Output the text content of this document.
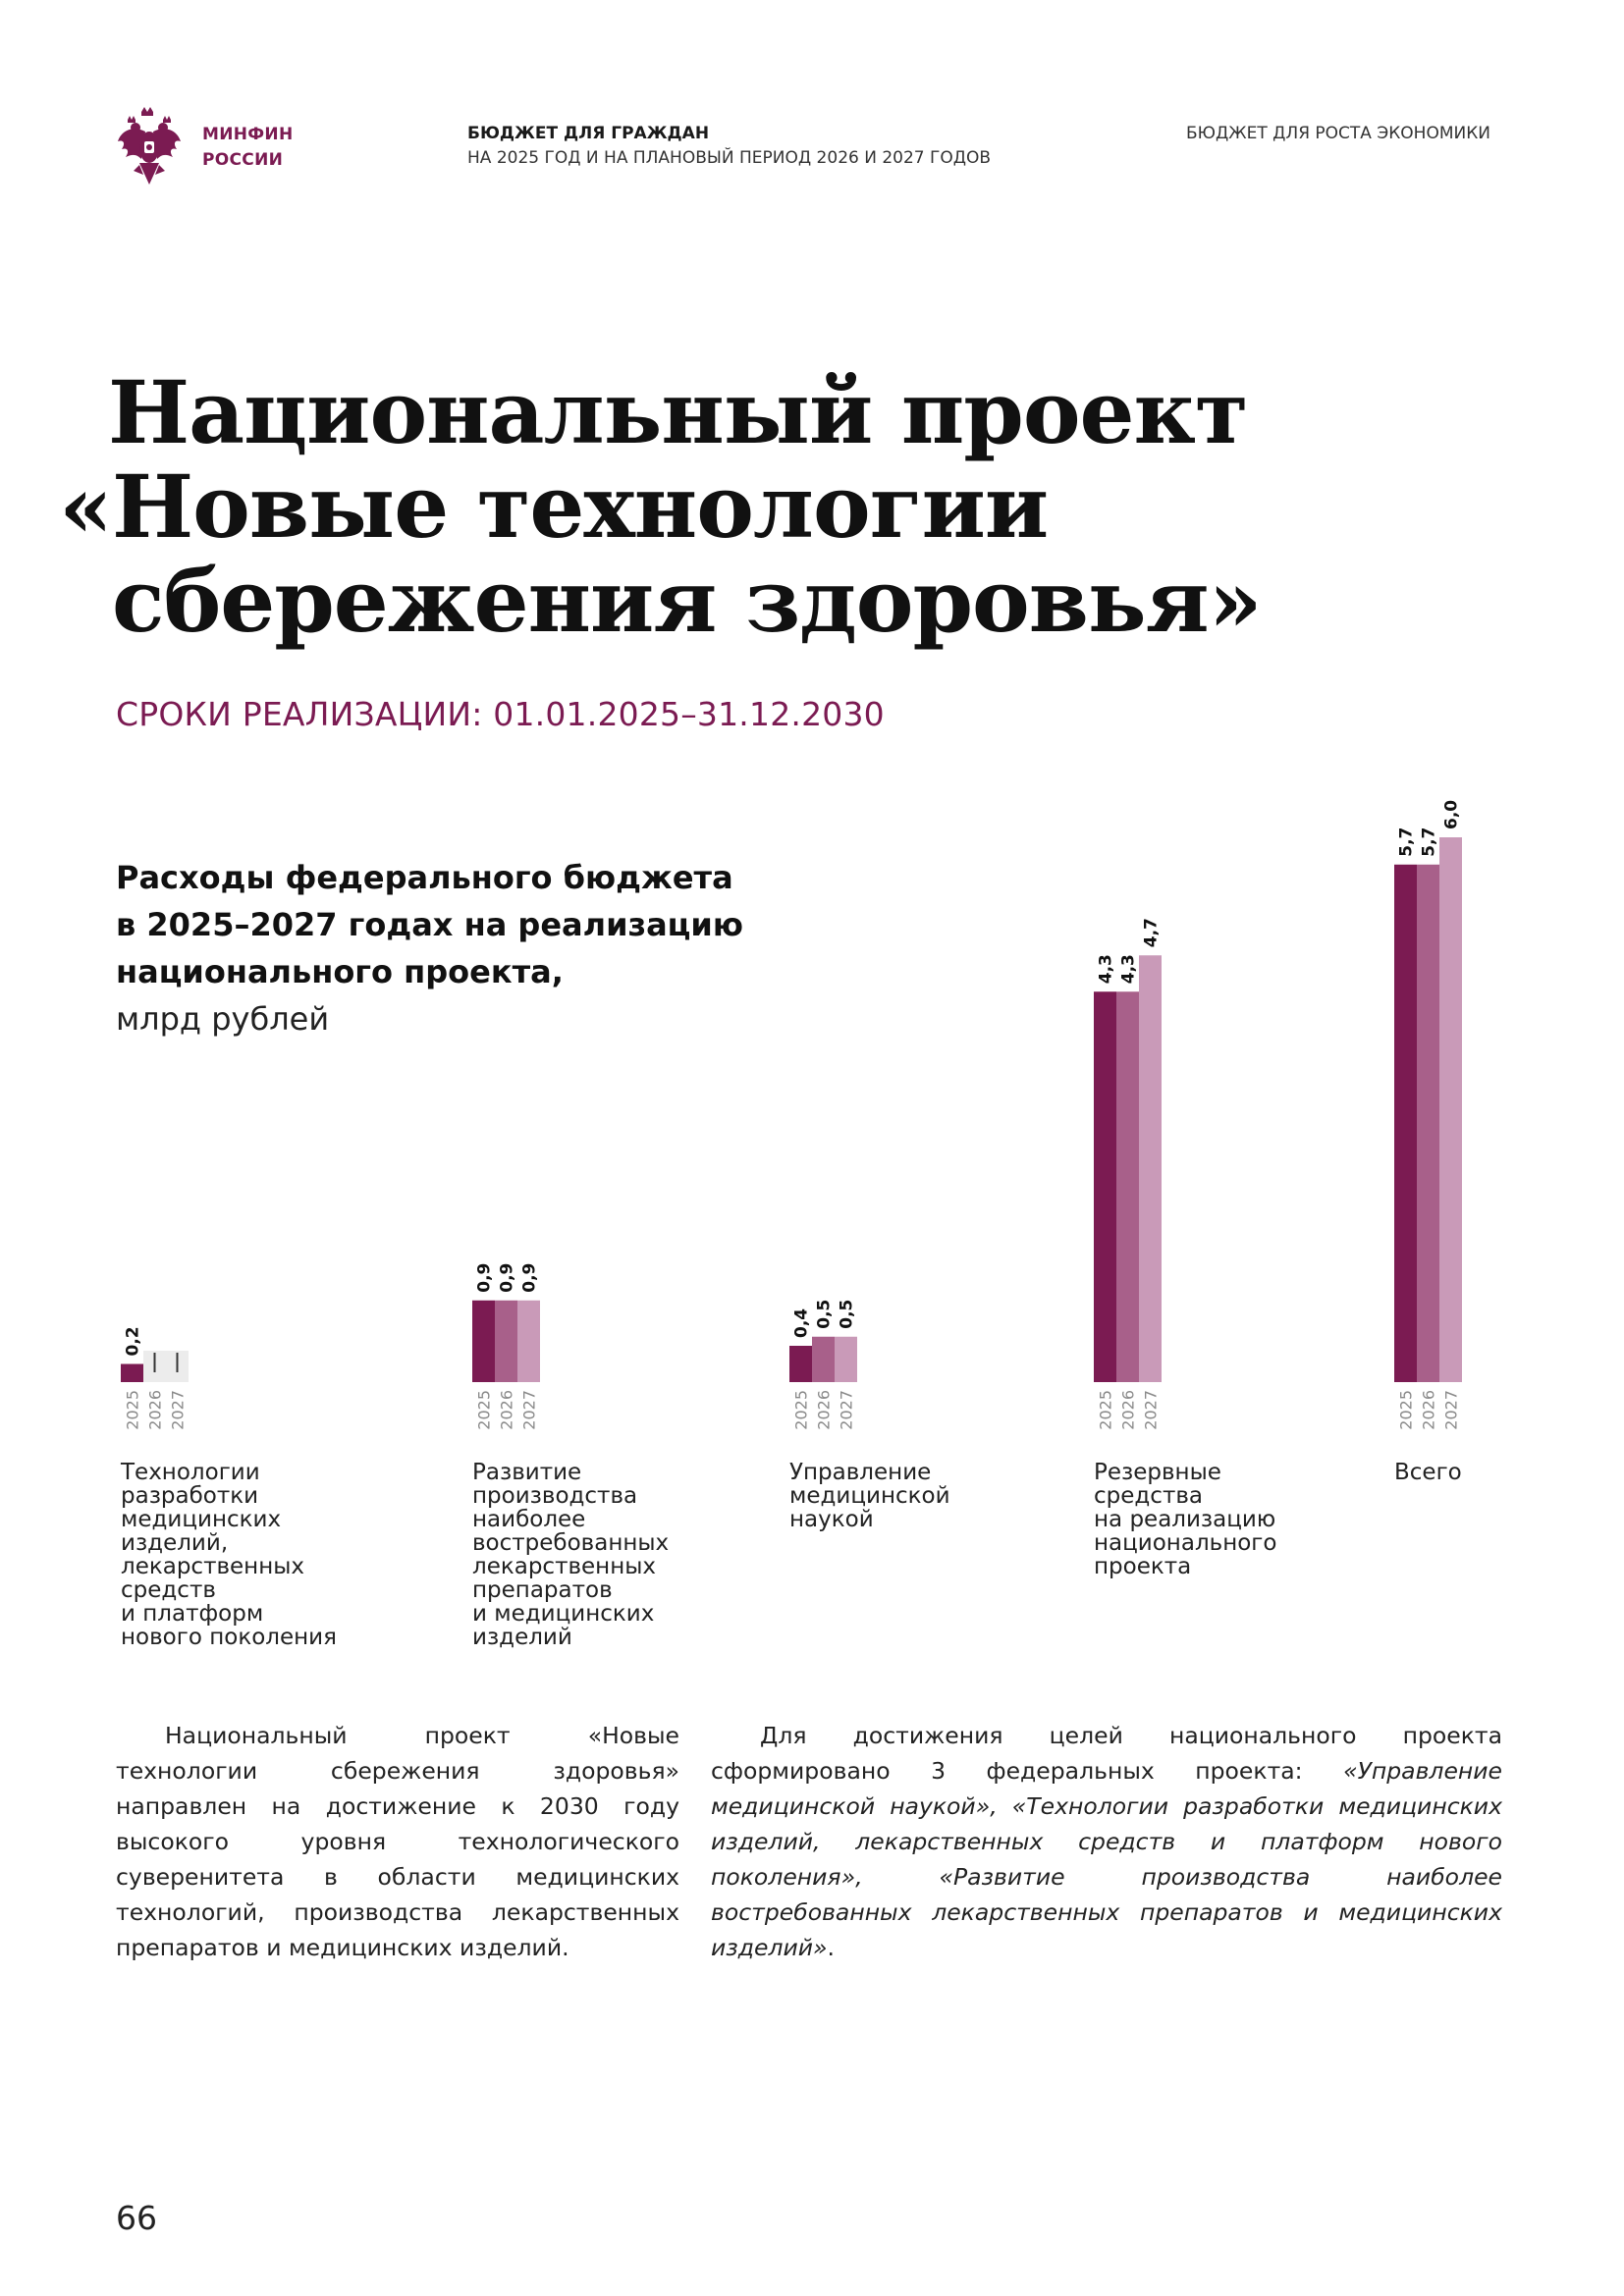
МИНФИН
РОССИИ
БЮДЖЕТ ДЛЯ ГРАЖДАН
НА 2025 ГОД И НА ПЛАНОВЫЙ ПЕРИОД 2026 И 2027 ГОДОВ
БЮДЖЕТ ДЛЯ РОСТА ЭКОНОМИКИ
Национальный проект
«Новые технологии
сбережения здоровья»
СРОКИ РЕАЛИЗАЦИИ: 01.01.2025–31.12.2030
Расходы федерального бюджета
в 2025–2027 годах на реализацию
национального проекта,
млрд рублей
0,2
2025 2026 2027
0,9
2025
0,9
2026
0,9
2027
0,4
2025
0,5
2026
0,5
2027
4,3
2025
4,3
2026
4,7
2027
5,7
2025
5,7
2026
6,0
2027
Технологии
разработки
медицинских
изделий,
лекарственных
средств
и платформ
нового поколения
Развитие
производства
наиболее
востребованных
лекарственных
препаратов
и медицинских
изделий
Управление
медицинской
наукой
Резервные
средства
на реализацию
национального
проекта
Всего
Национальный проект «Новые технологии сбережения здоровья» направлен на достижение к 2030 году высокого уровня технологического суверенитета в области медицинских технологий, производства лекарственных препаратов и медицинских изделий.
Для достижения целей национального проекта сформировано 3 федеральных проекта: «Управление медицинской наукой», «Технологии разработки медицинских изделий, лекарственных средств и платформ нового поколения», «Развитие производства наиболее востребованных лекарственных препаратов и медицинских изделий».
66
